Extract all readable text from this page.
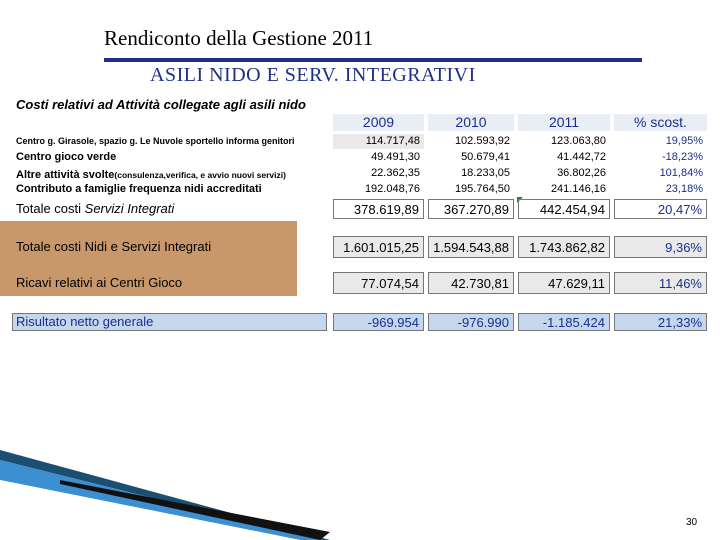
Rendiconto della Gestione 2011
ASILI NIDO E SERV. INTEGRATIVI
Costi relativi ad Attività collegate agli asili nido
2009	2010	2011	% scost.
Centro g. Girasole, spazio g. Le Nuvole sportello informa genitori	114.717,48	102.593,92	123.063,80	19,95%
Centro gioco verde	49.491,30	50.679,41	41.442,72	-18,23%
Altre attività svolte(consulenza,verifica, e avvio nuovi servizi)	22.362,35	18.233,05	36.802,26	101,84%
Contributo a famiglie frequenza nidi accreditati	192.048,76	195.764,50	241.146,16	23,18%
Totale costi Servizi Integrati	378.619,89	367.270,89	442.454,94	20,47%
Totale costi Nidi e Servizi Integrati	1.601.015,25	1.594.543,88	1.743.862,82	9,36%
Ricavi relativi ai Centri Gioco	77.074,54	42.730,81	47.629,11	11,46%
Risultato netto generale	-969.954	-976.990	-1.185.424	21,33%
30
